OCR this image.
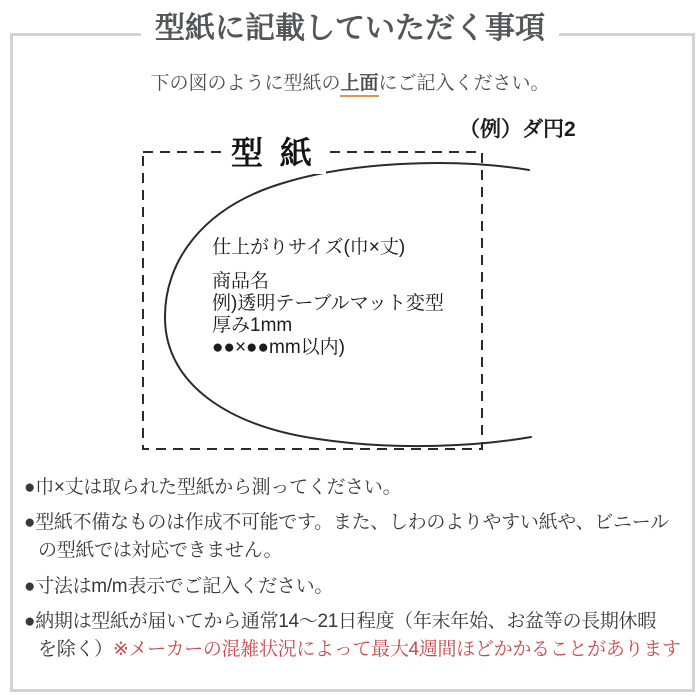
型紙に記載していただく事項

下の図のように型紙の上面にご記入ください。

（例）ダ円2
型 紙
仕上がりサイズ(巾×丈)
商品名
例)透明テーブルマット変型
厚み1mm
●●×●●mm以内)
●巾×丈は取られた型紙から測ってください。
●型紙不備なものは作成不可能です。また、しわのよりやすい紙や、ビニール
の型紙では対応できません。
●寸法はm/m表示でご記入ください。
●納期は型紙が届いてから通常14～21日程度（年末年始、お盆等の長期休暇
を除く）※メーカーの混雑状況によって最大4週間ほどかかることがあります
